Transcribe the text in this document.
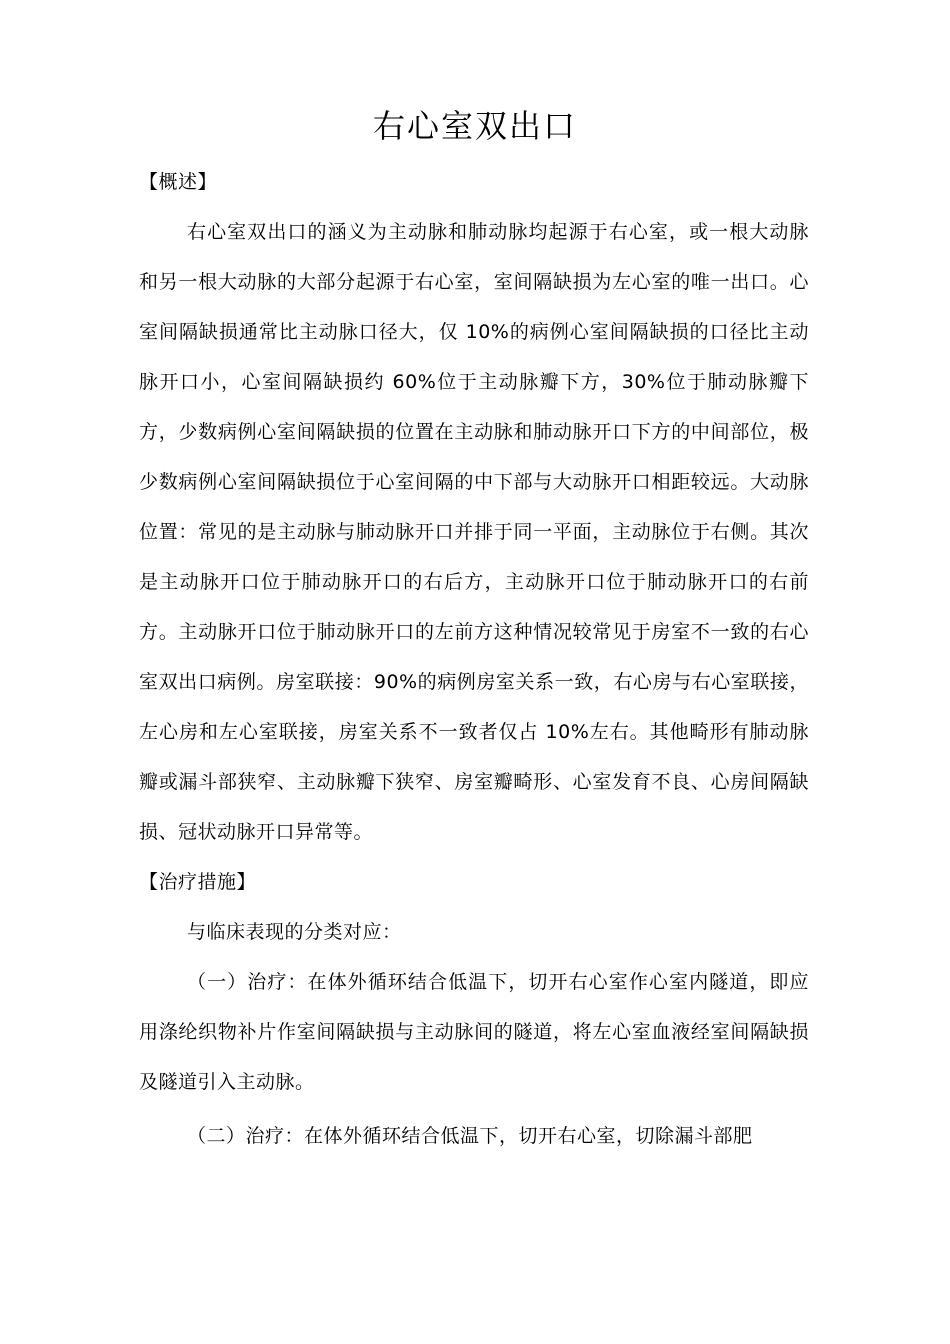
右心室双出口

【概述】

右心室双出口的涵义为主动脉和肺动脉均起源于右心室，或一根大动脉和另一根大动脉的大部分起源于右心室，室间隔缺损为左心室的唯一出口。心室间隔缺损通常比主动脉口径大，仅 10%的病例心室间隔缺损的口径比主动脉开口小，心室间隔缺损约 60%位于主动脉瓣下方，30%位于肺动脉瓣下方，少数病例心室间隔缺损的位置在主动脉和肺动脉开口下方的中间部位，极少数病例心室间隔缺损位于心室间隔的中下部与大动脉开口相距较远。大动脉位置：常见的是主动脉与肺动脉开口并排于同一平面，主动脉位于右侧。其次是主动脉开口位于肺动脉开口的右后方，主动脉开口位于肺动脉开口的右前方。主动脉开口位于肺动脉开口的左前方这种情况较常见于房室不一致的右心室双出口病例。房室联接：90%的病例房室关系一致，右心房与右心室联接，左心房和左心室联接，房室关系不一致者仅占 10%左右。其他畸形有肺动脉瓣或漏斗部狭窄、主动脉瓣下狭窄、房室瓣畸形、心室发育不良、心房间隔缺损、冠状动脉开口异常等。

【治疗措施】

与临床表现的分类对应：

（一）治疗：在体外循环结合低温下，切开右心室作心室内隧道，即应用涤纶织物补片作室间隔缺损与主动脉间的隧道，将左心室血液经室间隔缺损及隧道引入主动脉。

（二）治疗：在体外循环结合低温下，切开右心室，切除漏斗部肥
